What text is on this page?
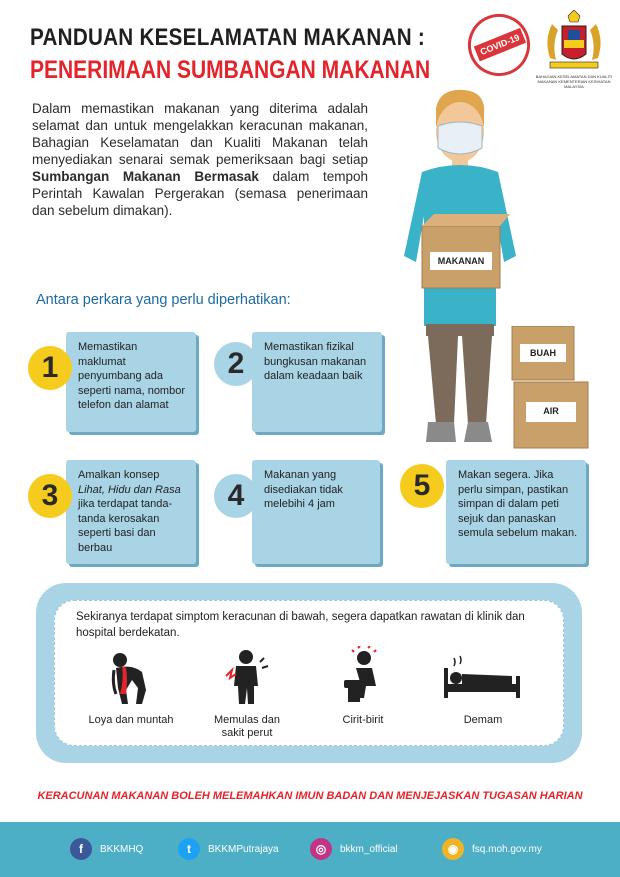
PANDUAN KESELAMATAN MAKANAN :
PENERIMAAN SUMBANGAN MAKANAN
COVID-19
BAHAGIAN KESELAMATAN DAN KUALITI MAKANAN KEMENTERIAN KESIHATAN MALAYSIA
Dalam memastikan makanan yang diterima adalah selamat dan untuk mengelakkan keracunan makanan, Bahagian Keselamatan dan Kualiti Makanan telah menyediakan senarai semak pemeriksaan bagi setiap Sumbangan Makanan Bermasak dalam tempoh Perintah Kawalan Pergerakan (semasa penerimaan dan sebelum dimakan).
MAKANAN
BUAH
AIR
Antara perkara yang perlu diperhatikan:
Memastikan maklumat penyumbang ada seperti nama, nombor telefon dan alamat
1
Memastikan fizikal bungkusan makanan dalam keadaan baik
2
Amalkan konsep Lihat, Hidu dan Rasa jika terdapat tanda-tanda kerosakan seperti basi dan berbau
3
Makanan yang disediakan tidak melebihi 4 jam
4
Makan segera. Jika perlu simpan, pastikan simpan di dalam peti sejuk dan panaskan semula sebelum makan.
5
Sekiranya terdapat simptom keracunan di bawah, segera dapatkan rawatan di klinik dan hospital berdekatan.
Loya dan muntah	Memulas dan sakit perut
Cirit-birit	Demam
KERACUNAN MAKANAN BOLEH MELEMAHKAN IMUN BADAN DAN MENJEJASKAN TUGASAN HARIAN
f	BKKMHQ	t	BKKMPutrajaya	◎	bkkm_official	◉	fsq.moh.gov.my
